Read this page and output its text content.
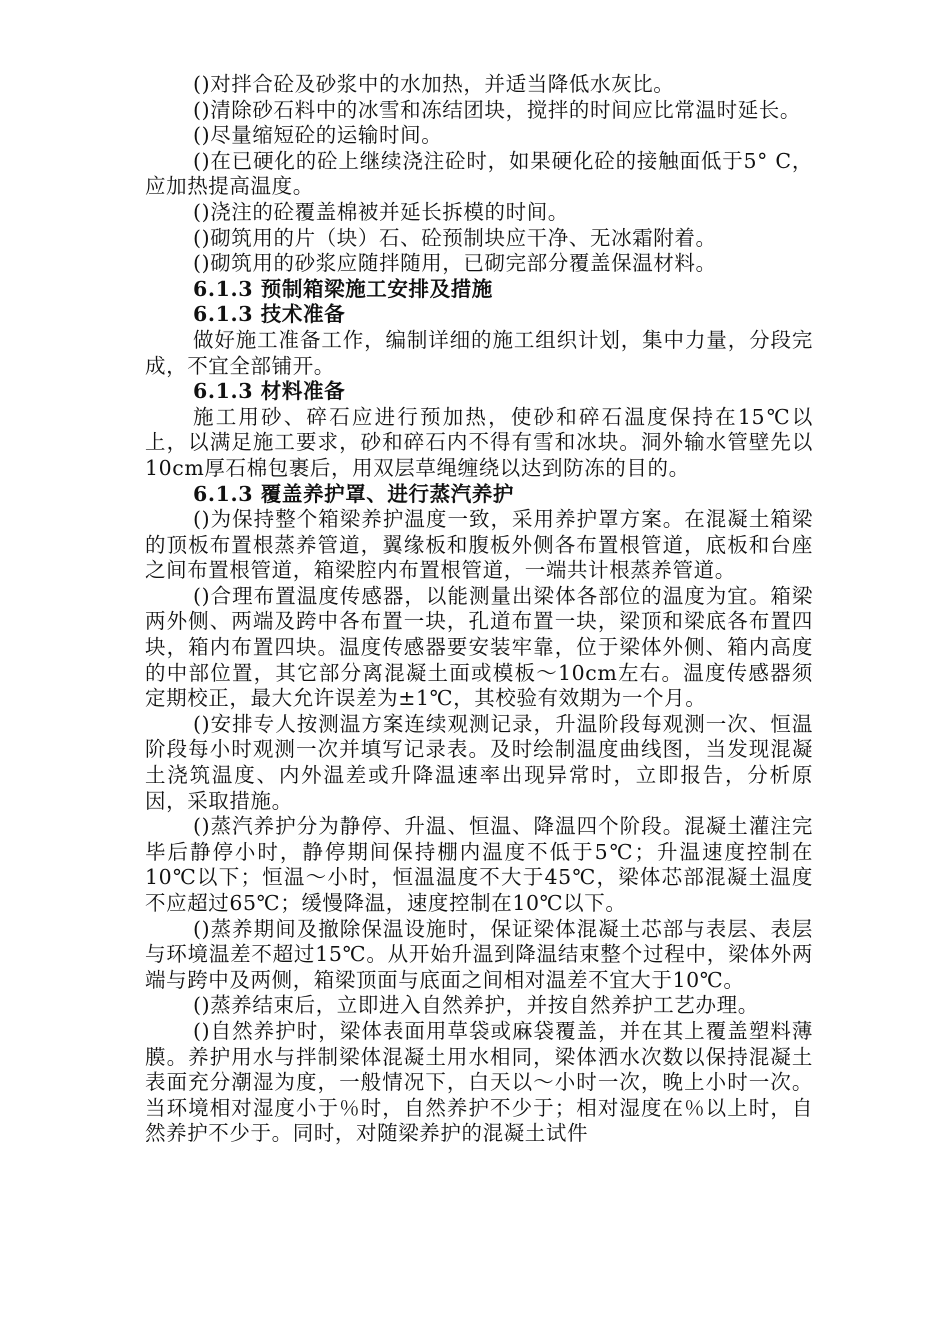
()对拌合砼及砂浆中的水加热，并适当降低水灰比。

()清除砂石料中的冰雪和冻结团块，搅拌的时间应比常温时延长。

()尽量缩短砼的运输时间。

()在已硬化的砼上继续浇注砼时，如果硬化砼的接触面低于5° C，应加热提高温度。

()浇注的砼覆盖棉被并延长拆模的时间。

()砌筑用的片（块）石、砼预制块应干净、无冰霜附着。

()砌筑用的砂浆应随拌随用，已砌完部分覆盖保温材料。

6.1.3 预制箱梁施工安排及措施

6.1.3 技术准备

做好施工准备工作，编制详细的施工组织计划，集中力量，分段完成，不宜全部铺开。

6.1.3 材料准备

施工用砂、碎石应进行预加热，使砂和碎石温度保持在15℃以上，以满足施工要求，砂和碎石内不得有雪和冰块。洞外输水管壁先以10cm厚石棉包裹后，用双层草绳缠绕以达到防冻的目的。

6.1.3 覆盖养护罩、进行蒸汽养护

()为保持整个箱梁养护温度一致，采用养护罩方案。在混凝土箱梁的顶板布置根蒸养管道，翼缘板和腹板外侧各布置根管道，底板和台座之间布置根管道，箱梁腔内布置根管道，一端共计根蒸养管道。

()合理布置温度传感器，以能测量出梁体各部位的温度为宜。箱梁两外侧、两端及跨中各布置一块，孔道布置一块，梁顶和梁底各布置四块，箱内布置四块。温度传感器要安装牢靠，位于梁体外侧、箱内高度的中部位置，其它部分离混凝土面或模板～10cm左右。温度传感器须定期校正，最大允许误差为±1℃，其校验有效期为一个月。

()安排专人按测温方案连续观测记录，升温阶段每观测一次、恒温阶段每小时观测一次并填写记录表。及时绘制温度曲线图，当发现混凝土浇筑温度、内外温差或升降温速率出现异常时，立即报告，分析原因，采取措施。

()蒸汽养护分为静停、升温、恒温、降温四个阶段。混凝土灌注完毕后静停小时，静停期间保持棚内温度不低于5℃；升温速度控制在10℃以下；恒温～小时，恒温温度不大于45℃，梁体芯部混凝土温度不应超过65℃；缓慢降温，速度控制在10℃以下。

()蒸养期间及撤除保温设施时，保证梁体混凝土芯部与表层、表层与环境温差不超过15℃。从开始升温到降温结束整个过程中，梁体外两端与跨中及两侧，箱梁顶面与底面之间相对温差不宜大于10℃。

()蒸养结束后，立即进入自然养护，并按自然养护工艺办理。

()自然养护时，梁体表面用草袋或麻袋覆盖，并在其上覆盖塑料薄膜。养护用水与拌制梁体混凝土用水相同，梁体洒水次数以保持混凝土表面充分潮湿为度，一般情况下，白天以～小时一次，晚上小时一次。当环境相对湿度小于％时，自然养护不少于；相对湿度在％以上时，自然养护不少于。同时，对随梁养护的混凝土试件
